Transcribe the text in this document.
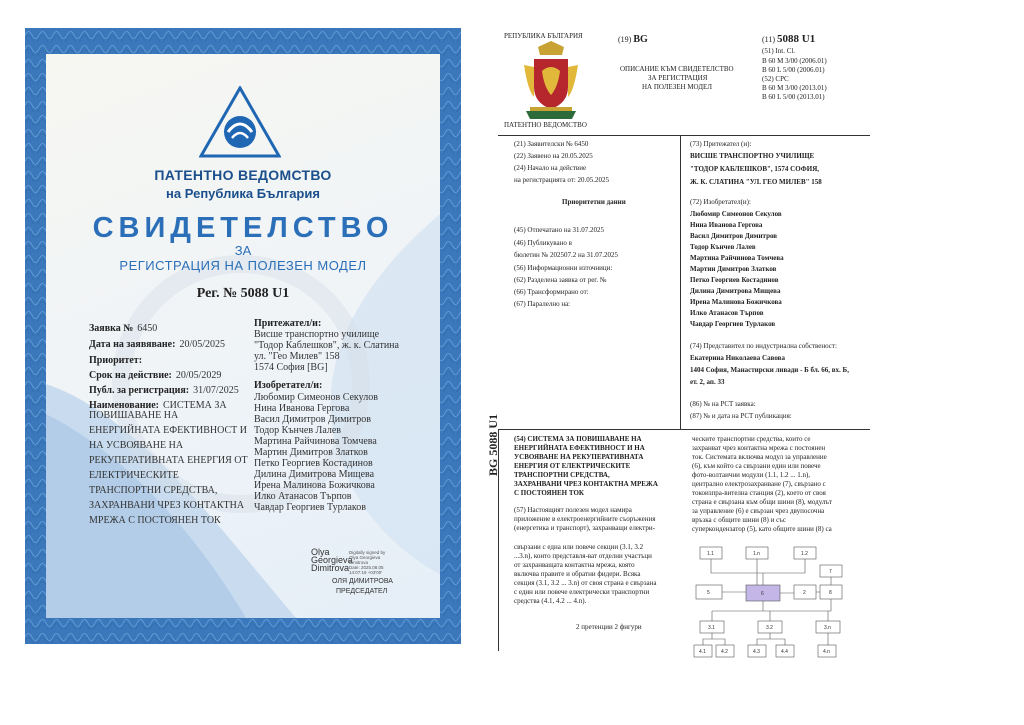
ПАТЕНТНО ВЕДОМСТВО

на Република България

СВИДЕТЕЛСТВО

ЗА

РЕГИСТРАЦИЯ НА ПОЛЕЗЕН МОДЕЛ

Рег. № 5088 U1

Заявка № 6450

Дата на заявяване: 20/05/2025

Приоритет:

Срок на действие: 20/05/2029

Публ. за регистрация: 31/07/2025

Наименование: СИСТЕМА ЗА

ПОВИШАВАНЕ НА

ЕНЕРГИЙНАТА ЕФЕКТИВНОСТ И

НА УСВОЯВАНЕ НА

РЕКУПЕРАТИВНАТА ЕНЕРГИЯ ОТ

ЕЛЕКТРИЧЕСКИТЕ

ТРАНСПОРТНИ СРЕДСТВА,

ЗАХРАНВАНИ ЧРЕЗ КОНТАКТНА

МРЕЖА С ПОСТОЯНЕН ТОК

Притежател/и:

Висше транспортно училище

"Тодор Каблешков", ж. к. Слатина

ул. "Гео Милев" 158

1574 София [BG]

Изобретател/и:

Любомир Симеонов Секулов

Нина Иванова Гергова

Васил Димитров Димитров

Тодор Кънчев Лалев

Мартина Райчинова Томчева

Мартин Димитров Златков

Петко Георгиев Костадинов

Дилина Димитрова Мищева

Ирена Малинова Божичкова

Илко Атанасов Търпов

Чавдар Георгиев Турлаков

Olya
Georgieva
Dimitrova
Digitally signed by
Olya Georgieva
Dimitrova
Date: 2025.08.05
14:07:18 +03'00'

ОЛЯ ДИМИТРОВА

ПРЕДСЕДАТЕЛ

РЕПУБЛИКА БЪЛГАРИЯ

ПАТЕНТНО ВЕДОМСТВО

(19) BG	(11) 5088 U1

ОПИСАНИЕ КЪМ СВИДЕТЕЛСТВО

ЗА РЕГИСТРАЦИЯ

НА ПОЛЕЗЕН МОДЕЛ

(51) Int. Cl.

B 60 M 3/00 (2006.01)

B 60 L 5/00 (2006.01)

(52) CPC

B 60 M 3/00 (2013.01)

B 60 L 5/00 (2013.01)

(21) Заявителски № 6450

(22) Заявено на 20.05.2025

(24) Начало на действие

на регистрацията от: 20.05.2025

Приоритетни данни

(45) Отпечатано на 31.07.2025

(46) Публикувано в

бюлетин № 202507.2 на 31.07.2025

(56) Информационни източници:

(62) Разделена заявка от рег. №

(66) Трансформирано от:

(67) Паралелно на:

(73) Притежател (и):

ВИСШЕ ТРАНСПОРТНО УЧИЛИЩЕ

"ТОДОР КАБЛЕШКОВ", 1574 СОФИЯ,

Ж. К. СЛАТИНА "УЛ. ГЕО МИЛЕВ" 158

(72) Изобретател(и):

Любомир Симеонов Секулов

Нина Иванова Гергова

Васил Димитров Димитров

Тодор Кънчев Лалев

Мартина Райчинова Томчева

Мартин Димитров Златков

Петко Георгиев Костадинов

Дилина Димитрова Мищева

Ирена Малинова Божичкова

Илко Атанасов Търпов

Чавдар Георгиев Турлаков

(74) Представител по индустриална собственост:

Екатерина Николаева Савова

1404 София, Манастирски ливади - Б бл. 66, вх. Б,

ет. 2, ап. 33

(86) № на PCT заявка:

(87) № и дата на PCT публикация:

BG 5088 U1 (54) СИСТЕМА ЗА ПОВИШАВАНЕ НА

ЕНЕРГИЙНАТА ЕФЕКТИВНОСТ И НА

УСВОЯВАНЕ НА РЕКУПЕРАТИВНАТА

ЕНЕРГИЯ ОТ ЕЛЕКТРИЧЕСКИТЕ

ТРАНСПОРТНИ СРЕДСТВА,

ЗАХРАНВАНИ ЧРЕЗ КОНТАКТНА МРЕЖА

С ПОСТОЯНЕН ТОК

(57) Настоящият полезен модел намира

приложение в електроенергийните съоръжения

(енергетика и транспорт), захранващи електри-

свързани с една или повече секции (3.1, 3.2

...3.n), които представля-ват отделни участъци

от захранващата контактна мрежа, която

включва правите и обратни фидери. Всяка

секция (3.1, 3.2 ... 3.n) от своя страна е свързана

с един или повече електрически транспортни

средства (4.1, 4.2 ... 4.n).

2 претенции 2 фигури

ческите транспортни средства, които се

захранват чрез контактна мрежа с постоянен

ток. Системата включва модул за управление

(6), към който са свързани един или повече

фото-волтаични модули (1.1, 1.2 ... 1.n),

централно електрозахранване (7), свързано с

токоизпра-вителна станция (2), което от своя

страна е свързана към общи шини (8), модулът

за управление (6) е свързан чрез двупосочна

връзка с общите шини (8) и със

суперкондензатор (5), като общите шини (8) са

1.1	1.n	1.2
7
5	6	2	8
3.1	3.2	3.n
4.1	4.2	4.3	4.4	4.n
